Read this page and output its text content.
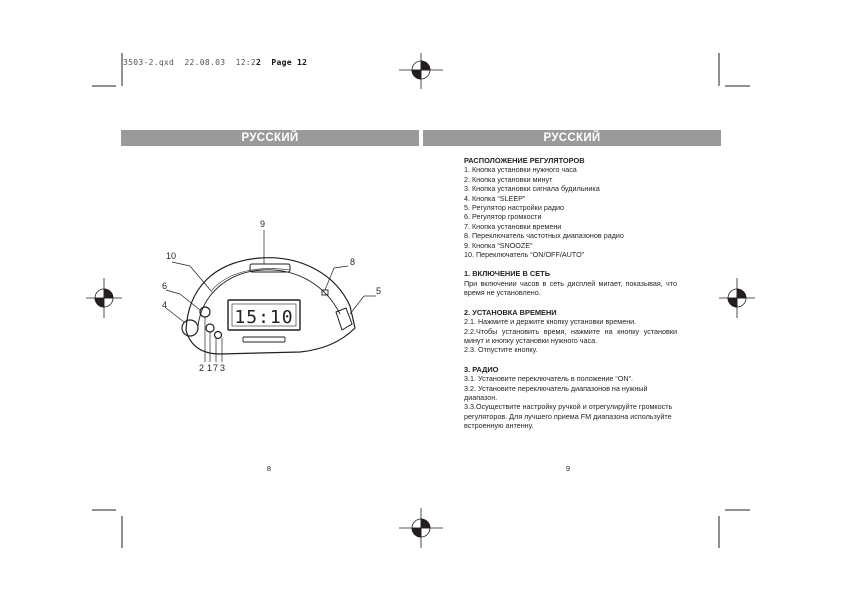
3503-2.qxd 22.08.03 12:22  Page 12
РУССКИЙ	РУССКИЙ
15:10
9
10
8
6	5
4
2 1 7 3
8	9

РАСПОЛОЖЕНИЕ РЕГУЛЯТОРОВ

1. Кнопка установки нужного часа

2. Кнопка установки минут

3. Кнопка установки сигнала будильника

4. Кнопка “SLEEP”

5. Регулятор настройки радио

6. Регулятор громкости

7. Кнопка установки времени

8. Переключатель частотных диапазонов радио

9. Кнопка “SNOOZE”

10. Переключатель “ON/OFF/AUTO”

1. ВКЛЮЧЕНИЕ В СЕТЬ

При включении часов в сеть дисплей мигает, показывая, что время не установлено.

2. УСТАНОВКА ВРЕМЕНИ

2.1. Нажмите и держите кнопку установки времени.

2.2.Чтобы установить время, нажмите на кнопку установки минут и кнопку установки нужного часа.

2.3. Отпустите кнопку.

3. РАДИО

3.1. Установите переключатель в положение “ON”.

3.2. Установите переключатель диапазонов на нужный диапазон.

3.3.Осуществите настройку ручкой и отрегулируйте громкость регуляторов. Для лучшего приема FM диапазона используйте встроенную антенну.
